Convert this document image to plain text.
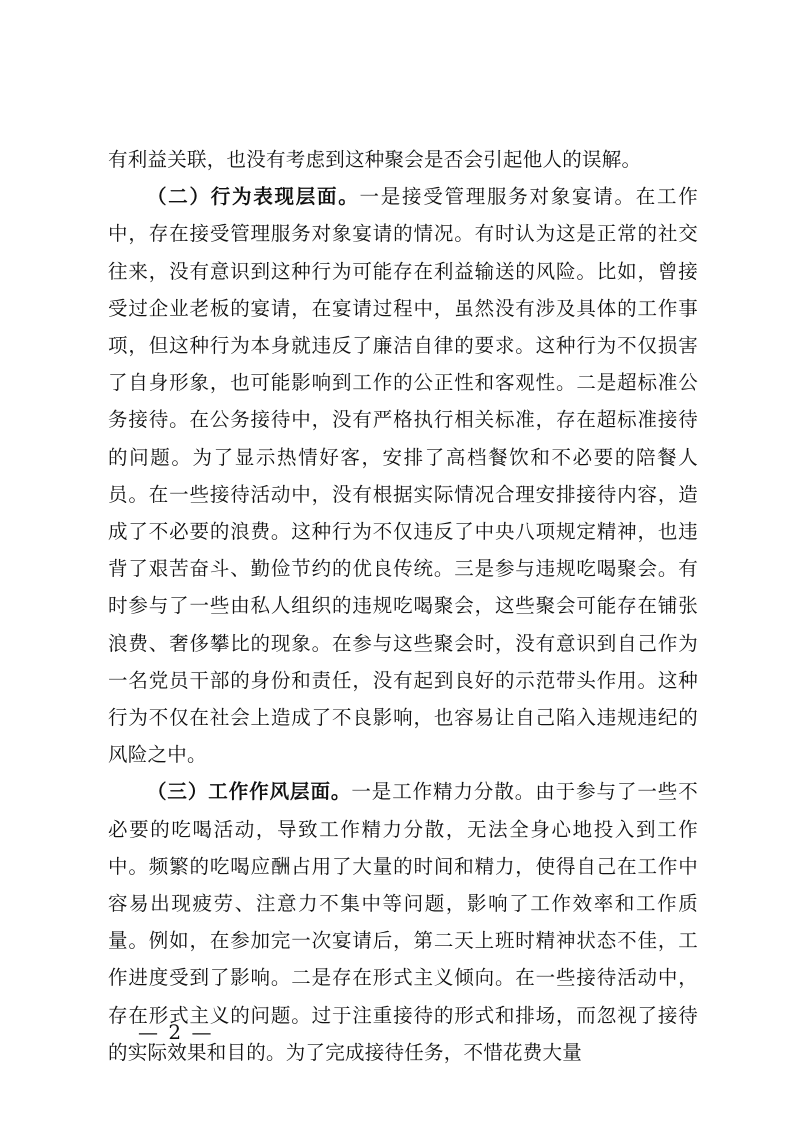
有利益关联，也没有考虑到这种聚会是否会引起他人的误解。

（二）行为表现层面。一是接受管理服务对象宴请。在工作中，存在接受管理服务对象宴请的情况。有时认为这是正常的社交往来，没有意识到这种行为可能存在利益输送的风险。比如，曾接受过企业老板的宴请，在宴请过程中，虽然没有涉及具体的工作事项，但这种行为本身就违反了廉洁自律的要求。这种行为不仅损害了自身形象，也可能影响到工作的公正性和客观性。二是超标准公务接待。在公务接待中，没有严格执行相关标准，存在超标准接待的问题。为了显示热情好客，安排了高档餐饮和不必要的陪餐人员。在一些接待活动中，没有根据实际情况合理安排接待内容，造成了不必要的浪费。这种行为不仅违反了中央八项规定精神，也违背了艰苦奋斗、勤俭节约的优良传统。三是参与违规吃喝聚会。有时参与了一些由私人组织的违规吃喝聚会，这些聚会可能存在铺张浪费、奢侈攀比的现象。在参与这些聚会时，没有意识到自己作为一名党员干部的身份和责任，没有起到良好的示范带头作用。这种行为不仅在社会上造成了不良影响，也容易让自己陷入违规违纪的风险之中。

（三）工作作风层面。一是工作精力分散。由于参与了一些不必要的吃喝活动，导致工作精力分散，无法全身心地投入到工作中。频繁的吃喝应酬占用了大量的时间和精力，使得自己在工作中容易出现疲劳、注意力不集中等问题，影响了工作效率和工作质量。例如，在参加完一次宴请后，第二天上班时精神状态不佳，工作进度受到了影响。二是存在形式主义倾向。在一些接待活动中，存在形式主义的问题。过于注重接待的形式和排场，而忽视了接待的实际效果和目的。为了完成接待任务，不惜花费大量

— 2 —
